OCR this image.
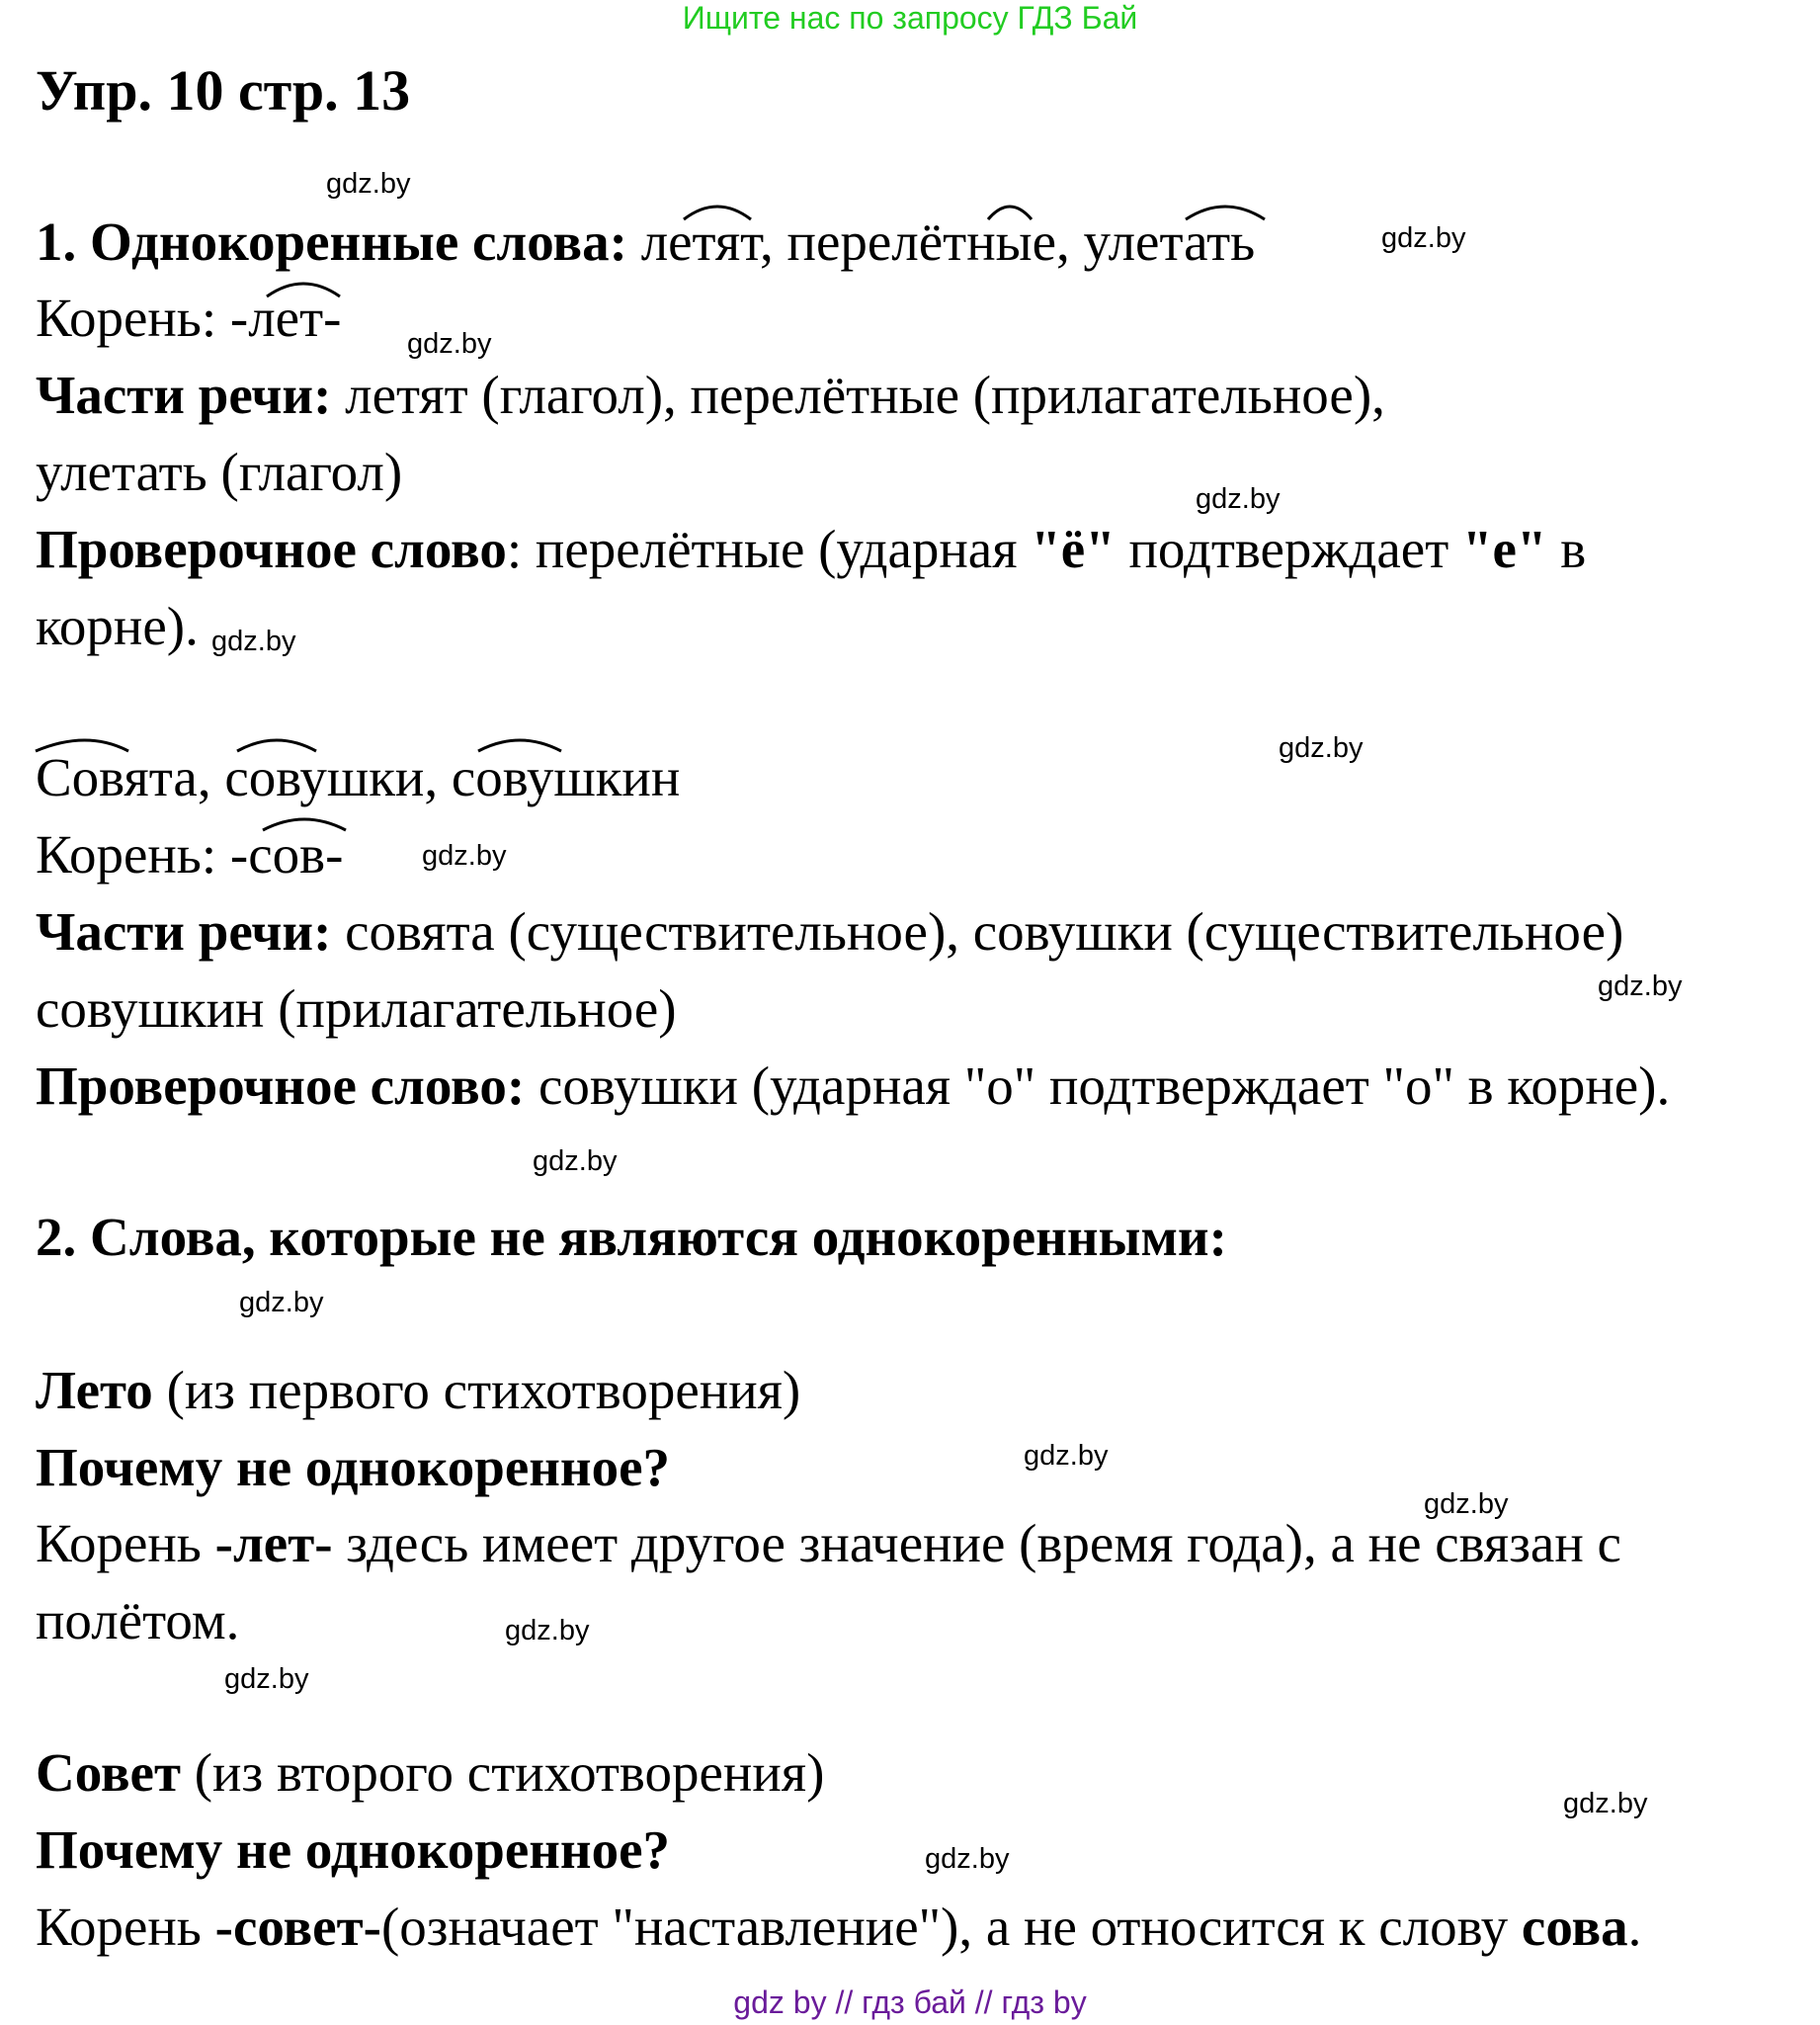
Ищите нас по запросу ГДЗ Бай
Упр. 10 стр. 13
1. Однокоренные слова: летят, перелётные, улетать
Корень: -лет-
Части речи: летят (глагол), перелётные (прилагательное),
улетать (глагол)
Проверочное слово: перелётные (ударная "ё" подтверждает "е" в
корне).
Совята, совушки, совушкин
Корень: -сов-
Части речи: совята (существительное), совушки (существительное)
совушкин (прилагательное)
Проверочное слово: совушки (ударная "о" подтверждает "о" в корне).
2. Слова, которые не являются однокоренными:
Лето (из первого стихотворения)
Почему не однокоренное?
Корень -лет- здесь имеет другое значение (время года), а не связан с
полётом.
Совет (из второго стихотворения)
Почему не однокоренное?
Корень -совет-(означает "наставление"), а не относится к слову сова.
gdz.by
gdz.by
gdz.by
gdz.by
gdz.by
gdz.by
gdz.by
gdz.by
gdz.by
gdz.by
gdz.by
gdz.by
gdz.by
gdz.by
gdz.by
gdz.by
gdz by // гдз бай // гдз by
